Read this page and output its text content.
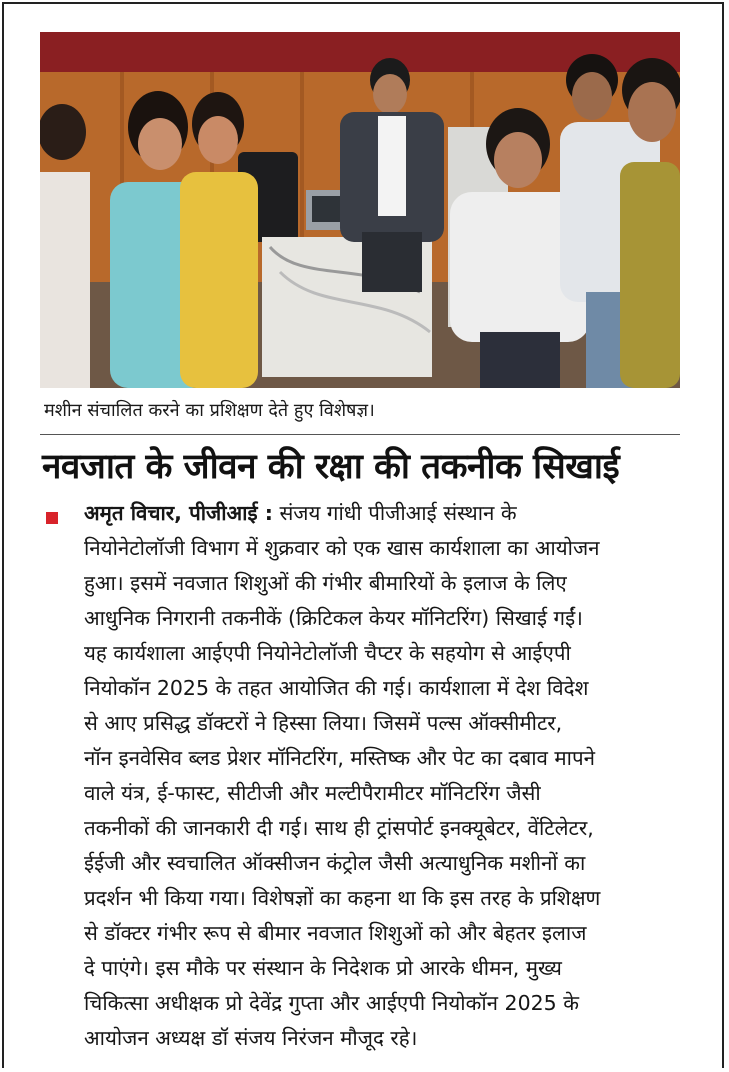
मशीन संचालित करने का प्रशिक्षण देते हुए विशेषज्ञ।
नवजात के जीवन की रक्षा की तकनीक सिखाई
अमृत विचार, पीजीआई : संजय गांधी पीजीआई संस्थान के
नियोनेटोलॉजी विभाग में शुक्रवार को एक खास कार्यशाला का आयोजन
हुआ। इसमें नवजात शिशुओं की गंभीर बीमारियों के इलाज के लिए
आधुनिक निगरानी तकनीकें (क्रिटिकल केयर मॉनिटरिंग) सिखाई गईं।
यह कार्यशाला आईएपी नियोनेटोलॉजी चैप्टर के सहयोग से आईएपी
नियोकॉन 2025 के तहत आयोजित की गई। कार्यशाला में देश विदेश
से आए प्रसिद्ध डॉक्टरों ने हिस्सा लिया। जिसमें पल्स ऑक्सीमीटर,
नॉन इनवेसिव ब्लड प्रेशर मॉनिटरिंग, मस्तिष्क और पेट का दबाव मापने
वाले यंत्र, ई-फास्ट, सीटीजी और मल्टीपैरामीटर मॉनिटरिंग जैसी
तकनीकों की जानकारी दी गई। साथ ही ट्रांसपोर्ट इनक्यूबेटर, वेंटिलेटर,
ईईजी और स्वचालित ऑक्सीजन कंट्रोल जैसी अत्याधुनिक मशीनों का
प्रदर्शन भी किया गया। विशेषज्ञों का कहना था कि इस तरह के प्रशिक्षण
से डॉक्टर गंभीर रूप से बीमार नवजात शिशुओं को और बेहतर इलाज
दे पाएंगे। इस मौके पर संस्थान के निदेशक प्रो आरके धीमन, मुख्य
चिकित्सा अधीक्षक प्रो देवेंद्र गुप्ता और आईएपी नियोकॉन 2025 के
आयोजन अध्यक्ष डॉ संजय निरंजन मौजूद रहे।
